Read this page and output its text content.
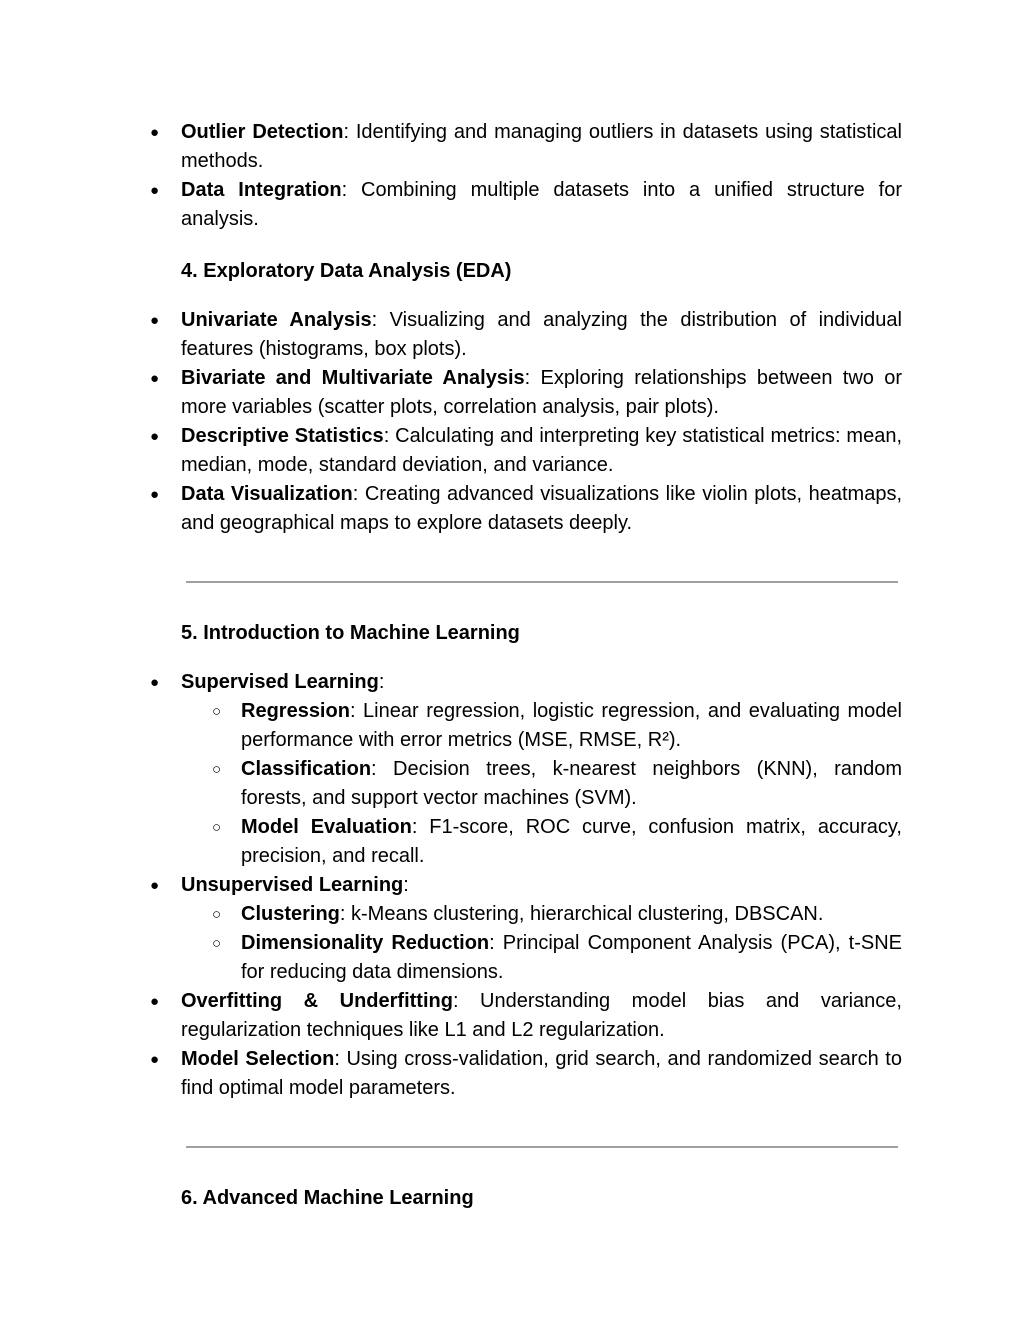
● Outlier Detection: Identifying and managing outliers in datasets using statistical methods.
● Data Integration: Combining multiple datasets into a unified structure for analysis.
4. Exploratory Data Analysis (EDA)
● Univariate Analysis: Visualizing and analyzing the distribution of individual features (histograms, box plots).
● Bivariate and Multivariate Analysis: Exploring relationships between two or more variables (scatter plots, correlation analysis, pair plots).
● Descriptive Statistics: Calculating and interpreting key statistical metrics: mean, median, mode, standard deviation, and variance.
● Data Visualization: Creating advanced visualizations like violin plots, heatmaps, and geographical maps to explore datasets deeply.
5. Introduction to Machine Learning
● Supervised Learning:
○ Regression: Linear regression, logistic regression, and evaluating model performance with error metrics (MSE, RMSE, R²).
○ Classification: Decision trees, k-nearest neighbors (KNN), random forests, and support vector machines (SVM).
○ Model Evaluation: F1-score, ROC curve, confusion matrix, accuracy, precision, and recall.
● Unsupervised Learning:
○ Clustering: k-Means clustering, hierarchical clustering, DBSCAN.
○ Dimensionality Reduction: Principal Component Analysis (PCA), t-SNE for reducing data dimensions.
● Overfitting & Underfitting: Understanding model bias and variance, regularization techniques like L1 and L2 regularization.
● Model Selection: Using cross-validation, grid search, and randomized search to find optimal model parameters.
6. Advanced Machine Learning
